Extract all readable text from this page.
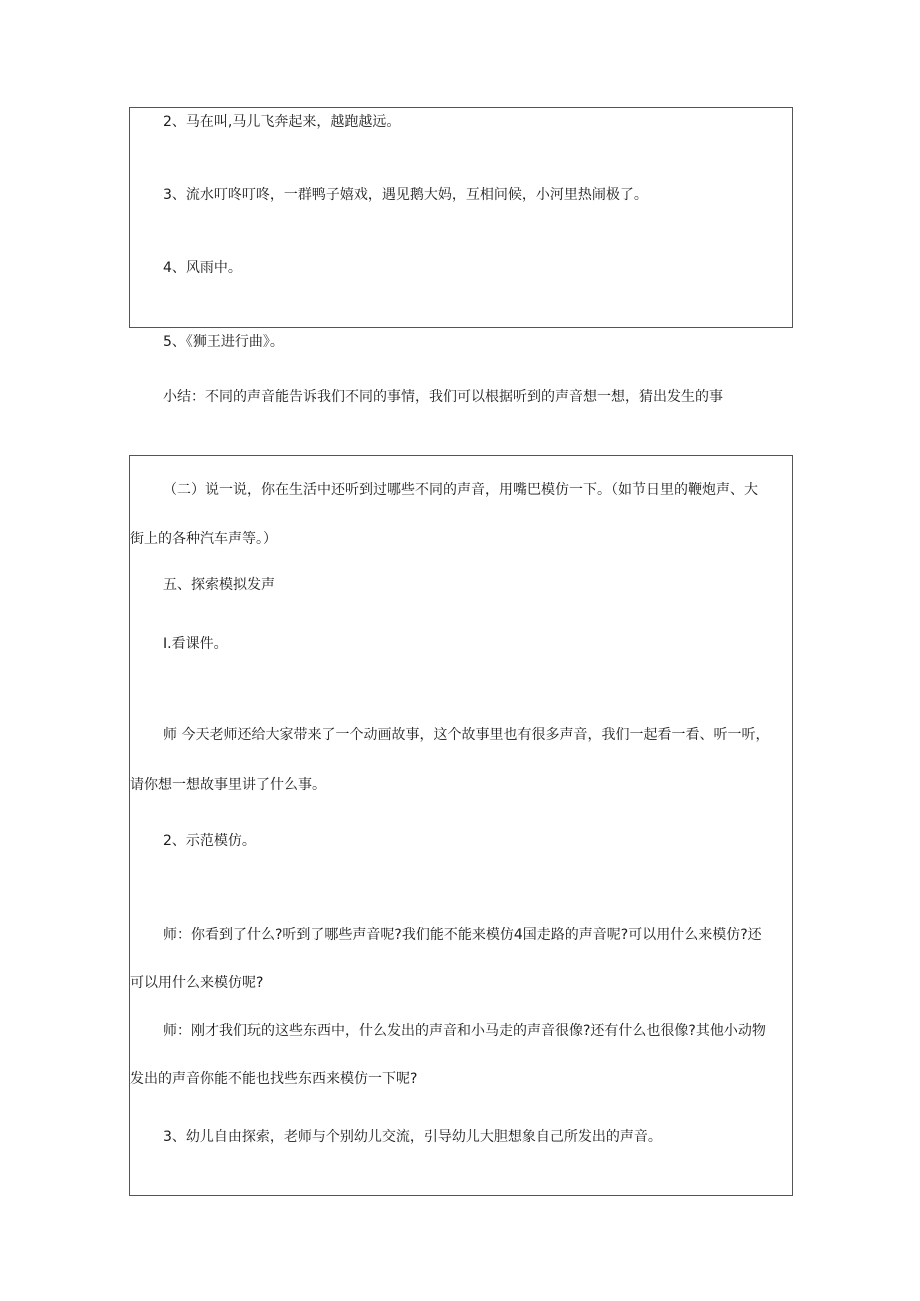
2、马在叫,马儿飞奔起来，越跑越远。
3、流水叮咚叮咚，一群鸭子嬉戏，遇见鹅大妈，互相问候，小河里热闹极了。
4、风雨中。
5、《狮王进行曲》。
小结：不同的声音能告诉我们不同的事情，我们可以根据听到的声音想一想，猜出发生的事
（二）说一说，你在生活中还听到过哪些不同的声音，用嘴巴模仿一下。（如节日里的鞭炮声、大
街上的各种汽车声等。）
五、探索模拟发声
I.看课件。
师 今天老师还给大家带来了一个动画故事，这个故事里也有很多声音，我们一起看一看、听一听，
请你想一想故事里讲了什么事。
2、示范模仿。
师：你看到了什么?听到了哪些声音呢?我们能不能来模仿4国走路的声音呢?可以用什么来模仿?还
可以用什么来模仿呢?
师：刚才我们玩的这些东西中，什么发出的声音和小马走的声音很像?还有什么也很像?其他小动物
发出的声音你能不能也找些东西来模仿一下呢?
3、幼儿自由探索，老师与个别幼儿交流，引导幼儿大胆想象自己所发出的声音。
